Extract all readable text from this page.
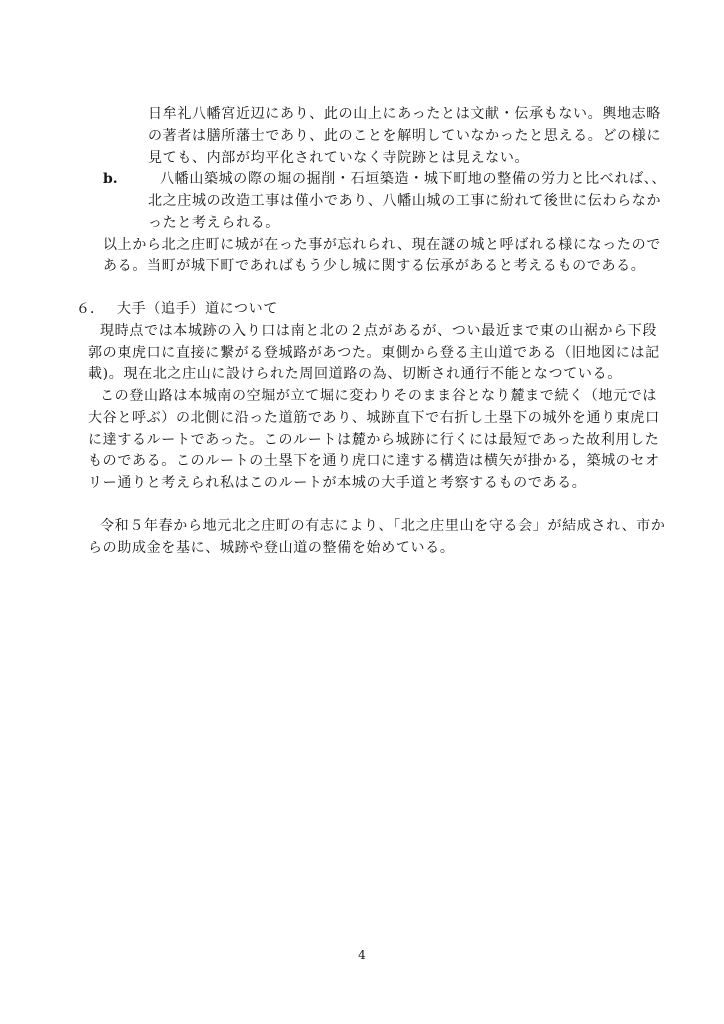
日牟礼八幡宮近辺にあり、此の山上にあったとは文献・伝承もない。輿地志略
の著者は膳所藩士であり、此のことを解明していなかったと思える。どの様に
見ても、内部が均平化されていなく寺院跡とは見えない。
b.	八幡山築城の際の堀の掘削・石垣築造・城下町地の整備の労力と比べれば、、
北之庄城の改造工事は僅小であり、八幡山城の工事に紛れて後世に伝わらなか
ったと考えられる。
以上から北之庄町に城が在った事が忘れられ、現在謎の城と呼ばれる様になったので
ある。当町が城下町であればもう少し城に関する伝承があると考えるものである。
６． 大手（追手）道について
現時点では本城跡の入り口は南と北の２点があるが、つい最近まで東の山裾から下段
郭の東虎口に直接に繋がる登城路があつた。東側から登る主山道である（旧地図には記
載)。現在北之庄山に設けられた周回道路の為、切断され通行不能となつている。
この登山路は本城南の空堀が立て堀に変わりそのまま谷となり麓まで続く（地元では
大谷と呼ぶ）の北側に沿った道筋であり、城跡直下で右折し土塁下の城外を通り東虎口
に達するルートであった。このルートは麓から城跡に行くには最短であった故利用した
ものである。このルートの土塁下を通り虎口に達する構造は横矢が掛かる，築城のセオ
リー通りと考えられ私はこのルートが本城の大手道と考察するものである。
令和５年春から地元北之庄町の有志により、「北之庄里山を守る会」が結成され、市か
らの助成金を基に、城跡や登山道の整備を始めている。
4
